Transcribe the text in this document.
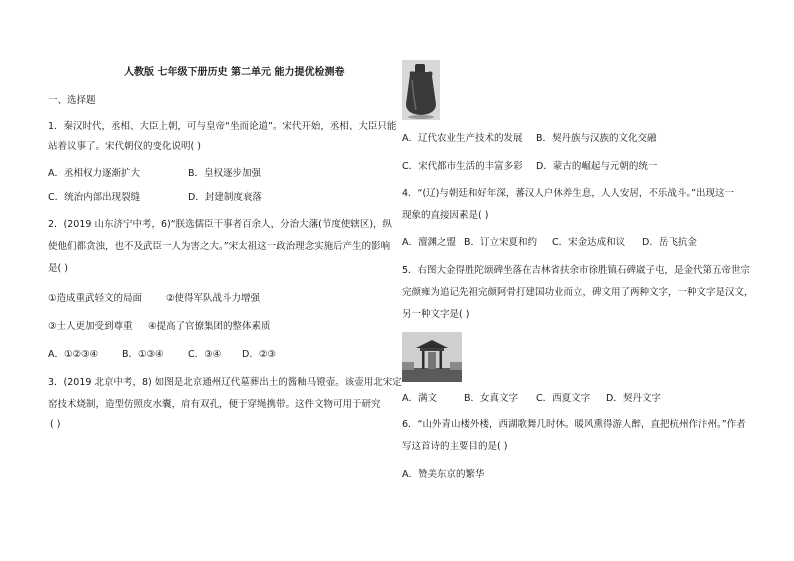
人教版 七年级下册历史 第二单元 能力提优检测卷
一、选择题
1．秦汉时代，丞相、大臣上朝，可与皇帝“坐而论道”。宋代开始，丞相、大臣只能
站着议事了。宋代朝仪的变化说明( )
A．丞相权力逐渐扩大	B．皇权逐步加强
C．统治内部出现裂缝	D．封建制度衰落
2．(2019 山东济宁中考，6)“朕选儒臣干事者百余人，分治大藩(节度使辖区)，纵
使他们都贪浊，也不及武臣一人为害之大。”宋太祖这一政治理念实施后产生的影响
是( )
①造成重武轻文的局面	②使得军队战斗力增强
③士人更加受到尊重 ④提高了官僚集团的整体素质
A．①②③④	B．①③④	C．③④ D．②③
3．(2019 北京中考，8) 如图是北京通州辽代墓葬出土的酱釉马镫壶。该壶用北宋定
窑技术烧制，造型仿照皮水囊，肩有双孔，便于穿绳携带。这件文物可用于研究
( )
A．辽代农业生产技术的发展 B．契丹族与汉族的文化交融
C．宋代都市生活的丰富多彩 D．蒙古的崛起与元朝的统一
4．“(辽)与朝廷和好年深，蕃汉人户休养生息，人人安居，不乐战斗。”出现这一
现象的直接因素是( )
A．澶渊之盟 B．订立宋夏和约 C．宋金达成和议 D．岳飞抗金
5．右图大金得胜陀颂碑坐落在吉林省扶余市徐胜镇石碑崴子屯，是金代第五帝世宗
完颜雍为追记先祖完颜阿骨打建国功业而立，碑文用了两种文字，一种文字是汉文，
另一种文字是( )
A．满文	B．女真文字 C．西夏文字 D．契丹文字
6．“山外青山楼外楼，西湖歌舞几时休。暖风熏得游人醉，直把杭州作汴州。”作者
写这首诗的主要目的是( )
A．赞美东京的繁华
